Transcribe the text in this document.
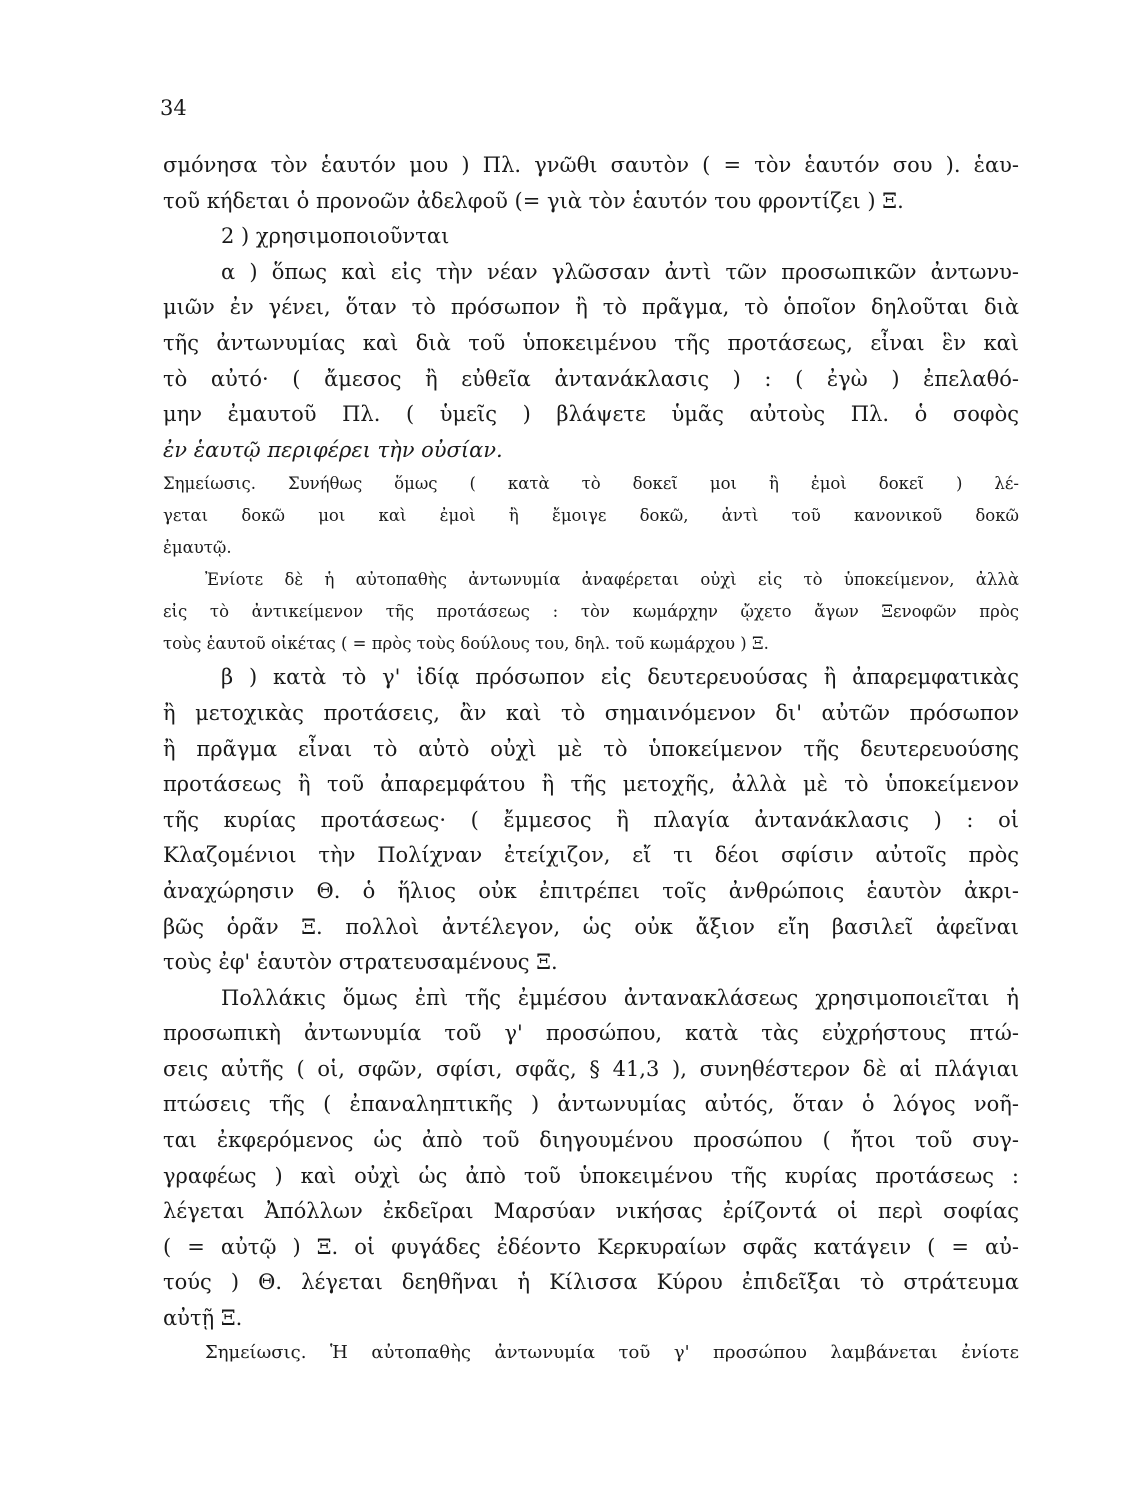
34

σμόνησα τὸν ἑαυτόν μου ) Πλ. γνῶθι σαυτὸν ( = τὸν ἑαυτόν σου ). ἑαυ-
τοῦ κήδεται ὁ προνοῶν ἀδελφοῦ (= γιὰ τὸν ἑαυτόν του φροντίζει ) Ξ.

2 ) χρησιμοποιοῦνται

α ) ὅπως καὶ εἰς τὴν νέαν γλῶσσαν ἀντὶ τῶν προσωπικῶν ἀντωνυ-
μιῶν ἐν γένει, ὅταν τὸ πρόσωπον ἢ τὸ πρᾶγμα, τὸ ὁποῖον δηλοῦται διὰ
τῆς ἀντωνυμίας καὶ διὰ τοῦ ὑποκειμένου τῆς προτάσεως, εἶναι ἓν καὶ
τὸ αὐτό· ( ἄμεσος ἢ εὐθεῖα ἀντανάκλασις ) : ( ἐγὼ ) ἐπελαθό-
μην ἐμαυτοῦ Πλ. ( ὑμεῖς ) βλάψετε ὑμᾶς αὐτοὺς Πλ. ὁ σοφὸς
ἐν ἑαυτῷ περιφέρει τὴν οὐσίαν.

Σημείωσις. Συνήθως ὅμως ( κατὰ τὸ δοκεῖ μοι ἢ ἐμοὶ δοκεῖ ) λέ-
γεται δοκῶ μοι καὶ ἐμοὶ ἢ ἔμοιγε δοκῶ, ἀντὶ τοῦ κανονικοῦ δοκῶ
ἐμαυτῷ.

Ἐνίοτε δὲ ἡ αὐτοπαθὴς ἀντωνυμία ἀναφέρεται οὐχὶ εἰς τὸ ὑποκείμενον, ἀλλὰ
εἰς τὸ ἀντικείμενον τῆς προτάσεως : τὸν κωμάρχην ᾤχετο ἄγων Ξενοφῶν πρὸς
τοὺς ἑαυτοῦ οἰκέτας ( = πρὸς τοὺς δούλους του, δηλ. τοῦ κωμάρχου ) Ξ.

β ) κατὰ τὸ γ' ἰδίᾳ πρόσωπον εἰς δευτερευούσας ἢ ἀπαρεμφατικὰς
ἢ μετοχικὰς προτάσεις, ἂν καὶ τὸ σημαινόμενον δι' αὐτῶν πρόσωπον
ἢ πρᾶγμα εἶναι τὸ αὐτὸ οὐχὶ μὲ τὸ ὑποκείμενον τῆς δευτερευούσης
προτάσεως ἢ τοῦ ἀπαρεμφάτου ἢ τῆς μετοχῆς, ἀλλὰ μὲ τὸ ὑποκείμενον
τῆς κυρίας προτάσεως· ( ἔμμεσος ἢ πλαγία ἀντανάκλασις ) : οἱ
Κλαζομένιοι τὴν Πολίχναν ἐτείχιζον, εἴ τι δέοι σφίσιν αὐτοῖς πρὸς
ἀναχώρησιν Θ. ὁ ἥλιος οὐκ ἐπιτρέπει τοῖς ἀνθρώποις ἑαυτὸν ἀκρι-
βῶς ὁρᾶν Ξ. πολλοὶ ἀντέλεγον, ὡς οὐκ ἄξιον εἴη βασιλεῖ ἀφεῖναι
τοὺς ἐφ' ἑαυτὸν στρατευσαμένους Ξ.

Πολλάκις ὅμως ἐπὶ τῆς ἐμμέσου ἀντανακλάσεως χρησιμοποιεῖται ἡ
προσωπικὴ ἀντωνυμία τοῦ γ' προσώπου, κατὰ τὰς εὐχρήστους πτώ-
σεις αὐτῆς ( οἱ, σφῶν, σφίσι, σφᾶς, § 41,3 ), συνηθέστερον δὲ αἱ πλάγιαι
πτώσεις τῆς ( ἐπαναληπτικῆς ) ἀντωνυμίας αὐτός, ὅταν ὁ λόγος νοῆ-
ται ἐκφερόμενος ὡς ἀπὸ τοῦ διηγουμένου προσώπου ( ἤτοι τοῦ συγ-
γραφέως ) καὶ οὐχὶ ὡς ἀπὸ τοῦ ὑποκειμένου τῆς κυρίας προτάσεως :
λέγεται Ἀπόλλων ἐκδεῖραι Μαρσύαν νικήσας ἐρίζοντά οἱ περὶ σοφίας
( = αὐτῷ ) Ξ. οἱ φυγάδες ἐδέοντο Κερκυραίων σφᾶς κατάγειν ( = αὐ-
τούς ) Θ. λέγεται δεηθῆναι ἡ Κίλισσα Κύρου ἐπιδεῖξαι τὸ στράτευμα
αὐτῇ Ξ.

Σημείωσις. Ἡ αὐτοπαθὴς ἀντωνυμία τοῦ γ' προσώπου λαμβάνεται ἐνίοτε
